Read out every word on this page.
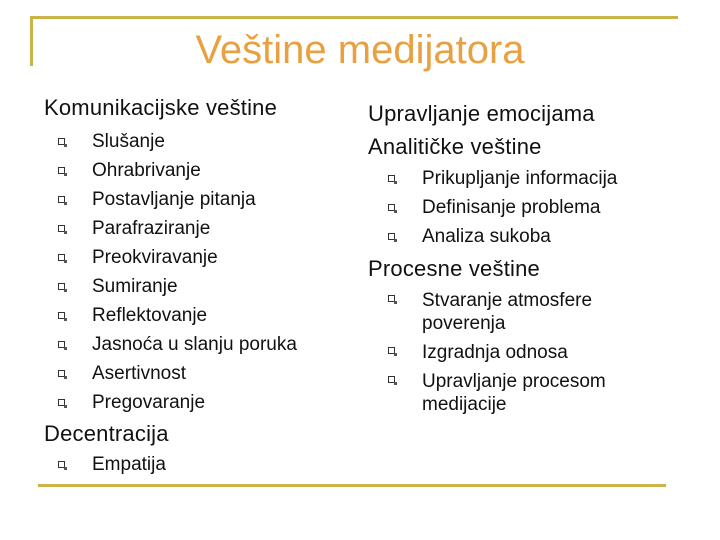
Veštine medijatora
Komunikacijske veštine
Slušanje
Ohrabrivanje
Postavljanje pitanja
Parafraziranje
Preokviravanje
Sumiranje
Reflektovanje
Jasnoća u slanju poruka
Asertivnost
Pregovaranje
Decentracija
Empatija
Upravljanje emocijama
Analitičke veštine
Prikupljanje informacija
Definisanje problema
Analiza sukoba
Procesne veštine
Stvaranje atmosfere poverenja
Izgradnja odnosa
Upravljanje procesom medijacije
